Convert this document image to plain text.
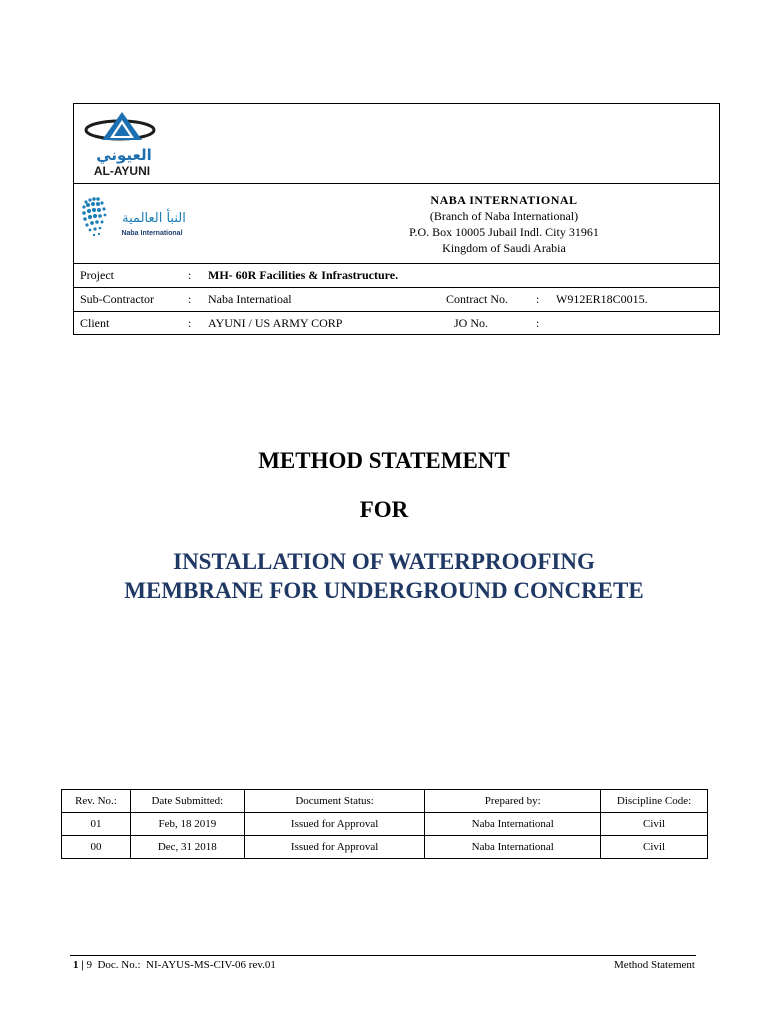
العيوني
AL-AYUNI
النبأ العالمية
Naba International
NABA INTERNATIONAL
(Branch of Naba International)
P.O. Box 10005 Jubail Indl. City 31961
Kingdom of Saudi Arabia
Project	: MH- 60R Facilities & Infrastructure.
Sub-Contractor	: Naba Internatioal	Contract No. : W912ER18C0015.
Client	: AYUNI / US ARMY CORP	JO No.	:
METHOD STATEMENT
FOR
INSTALLATION OF WATERPROOFING
MEMBRANE FOR UNDERGROUND CONCRETE
Rev. No.:	Date Submitted:	Document Status:	Prepared by:	Discipline Code:
01	Feb, 18 2019	Issued for Approval	Naba International	Civil
00	Dec, 31 2018	Issued for Approval	Naba International	Civil
1 | 9 Doc. No.: NI-AYUS-MS-CIV-06 rev.01	Method Statement
